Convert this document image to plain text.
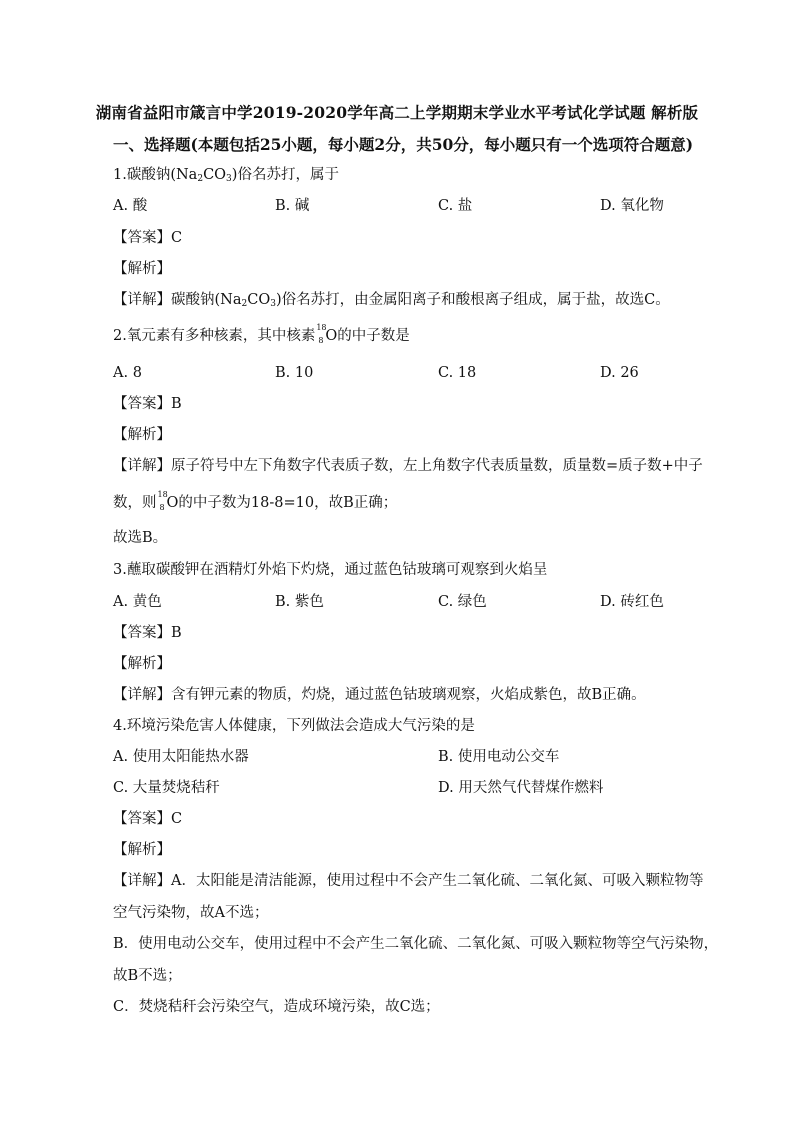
湖南省益阳市箴言中学2019-2020学年高二上学期期末学业水平考试化学试题 解析版
一、选择题(本题包括25小题，每小题2分，共50分，每小题只有一个选项符合题意)
1.碳酸钠$(Na_2CO_3)$俗名苏打，属于
A. 酸	B. 碱	C. 盐	D. 氧化物
【答案】C
【解析】
【详解】碳酸钠$(Na_2CO_3)$俗名苏打，由金属阳离子和酸根离子组成，属于盐，故选C。
2.氧元素有多种核素，其中核素
18
8 O的中子数是
A. 8	B. 10	C. 18	D. 26
【答案】B
【解析】
【详解】原子符号中左下角数字代表质子数，左上角数字代表质量数，质量数=质子数+中子
数，则
18
8 O的中子数为18-8=10，故B正确；
故选B。
3.蘸取碳酸钾在酒精灯外焰下灼烧，通过蓝色钴玻璃可观察到火焰呈
A. 黄色	B. 紫色	C. 绿色	D. 砖红色
【答案】B
【解析】
【详解】含有钾元素的物质，灼烧，通过蓝色钴玻璃观察，火焰成紫色，故B正确。
4.环境污染危害人体健康，下列做法会造成大气污染的是
A. 使用太阳能热水器	B. 使用电动公交车
C. 大量焚烧秸秆	D. 用天然气代替煤作燃料
【答案】C
【解析】
【详解】A．太阳能是清洁能源，使用过程中不会产生二氧化硫、二氧化氮、可吸入颗粒物等
空气污染物，故A不选；
B．使用电动公交车，使用过程中不会产生二氧化硫、二氧化氮、可吸入颗粒物等空气污染物，
故B不选；
C．焚烧秸秆会污染空气，造成环境污染，故C选；
